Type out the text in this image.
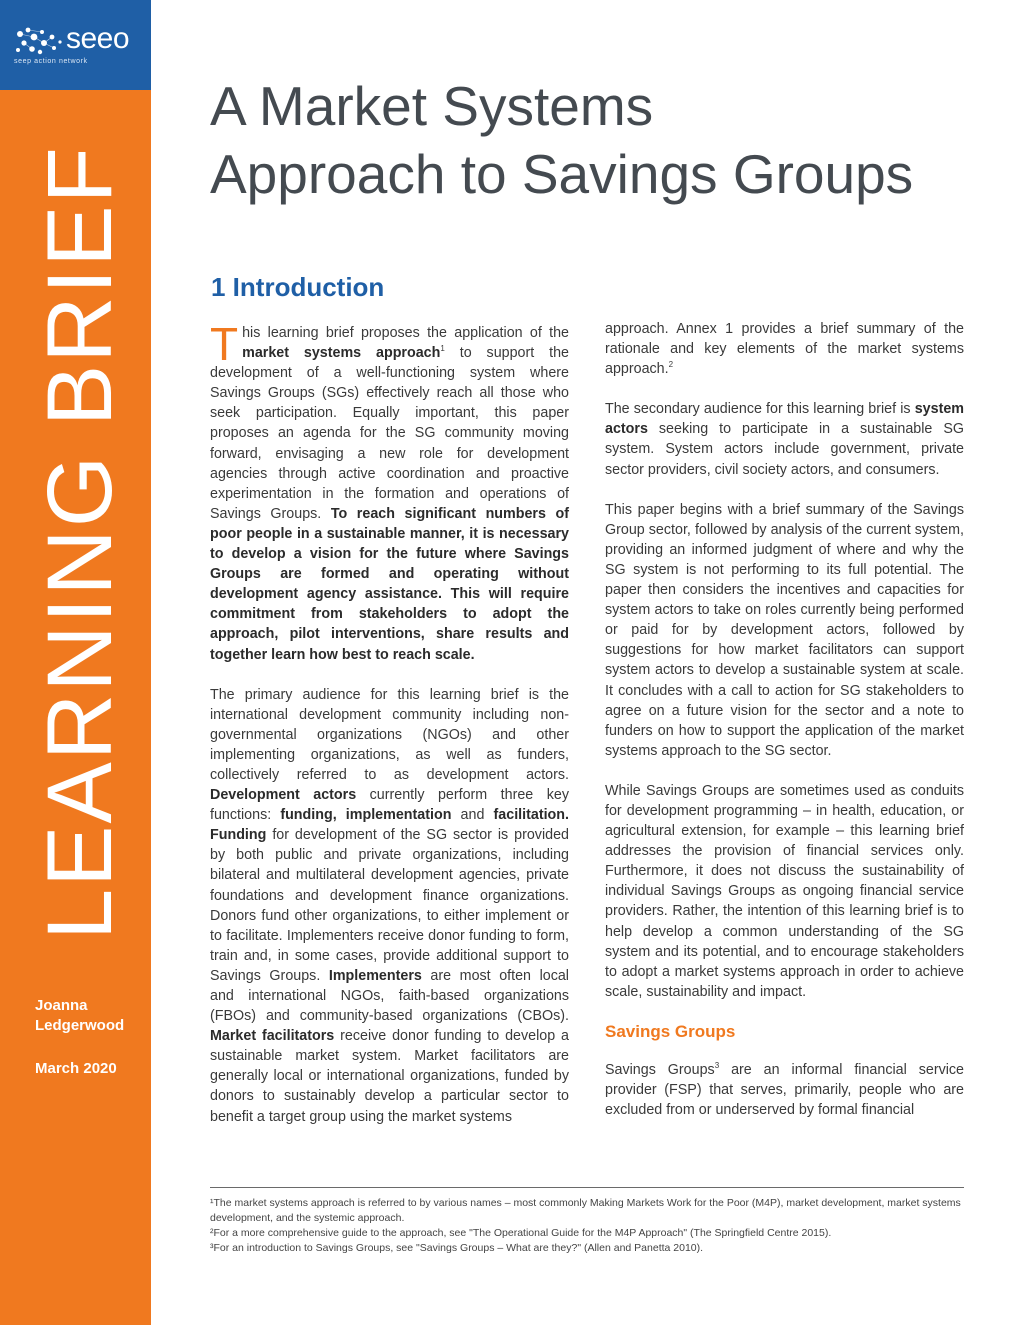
seeo
seep action network
LEARNING BRIEF
Joanna Ledgerwood
March 2020
A Market Systems
Approach to Savings Groups
1 Introduction

This learning brief proposes the application of the market systems approach$^1$ to support the development of a well-functioning system where Savings Groups (SGs) effectively reach all those who seek participation. Equally important, this paper proposes an agenda for the SG community moving forward, envisaging a new role for development agencies through active coordination and proactive experimentation in the formation and operations of Savings Groups. To reach significant numbers of poor people in a sustainable manner, it is necessary to develop a vision for the future where Savings Groups are formed and operating without development agency assistance. This will require commitment from stakeholders to adopt the approach, pilot interventions, share results and together learn how best to reach scale.

The primary audience for this learning brief is the international development community including non-governmental organizations (NGOs) and other implementing organizations, as well as funders, collectively referred to as development actors. Development actors currently perform three key functions: funding, implementation and facilitation. Funding for development of the SG sector is provided by both public and private organizations, including bilateral and multilateral development agencies, private foundations and development finance organizations. Donors fund other organizations, to either implement or to facilitate. Implementers receive donor funding to form, train and, in some cases, provide additional support to Savings Groups. Implementers are most often local and international NGOs, faith-based organizations (FBOs) and community-based organizations (CBOs). Market facilitators receive donor funding to develop a sustainable market system. Market facilitators are generally local or international organizations, funded by donors to sustainably develop a particular sector to benefit a target group using the market systems

approach. Annex 1 provides a brief summary of the rationale and key elements of the market systems approach.$^2$

The secondary audience for this learning brief is system actors seeking to participate in a sustainable SG system. System actors include government, private sector providers, civil society actors, and consumers.

This paper begins with a brief summary of the Savings Group sector, followed by analysis of the current system, providing an informed judgment of where and why the SG system is not performing to its full potential. The paper then considers the incentives and capacities for system actors to take on roles currently being performed or paid for by development actors, followed by suggestions for how market facilitators can support system actors to develop a sustainable system at scale. It concludes with a call to action for SG stakeholders to agree on a future vision for the sector and a note to funders on how to support the application of the market systems approach to the SG sector.

While Savings Groups are sometimes used as conduits for development programming – in health, education, or agricultural extension, for example – this learning brief addresses the provision of financial services only. Furthermore, it does not discuss the sustainability of individual Savings Groups as ongoing financial service providers. Rather, the intention of this learning brief is to help develop a common understanding of the SG system and its potential, and to encourage stakeholders to adopt a market systems approach in order to achieve scale, sustainability and impact.

Savings Groups

Savings Groups$^3$ are an informal financial service provider (FSP) that serves, primarily, people who are excluded from or underserved by formal financial

¹The market systems approach is referred to by various names – most commonly Making Markets Work for the Poor (M4P), market development, market systems development, and the systemic approach.
²For a more comprehensive guide to the approach, see "The Operational Guide for the M4P Approach" (The Springfield Centre 2015).
³For an introduction to Savings Groups, see "Savings Groups – What are they?" (Allen and Panetta 2010).
